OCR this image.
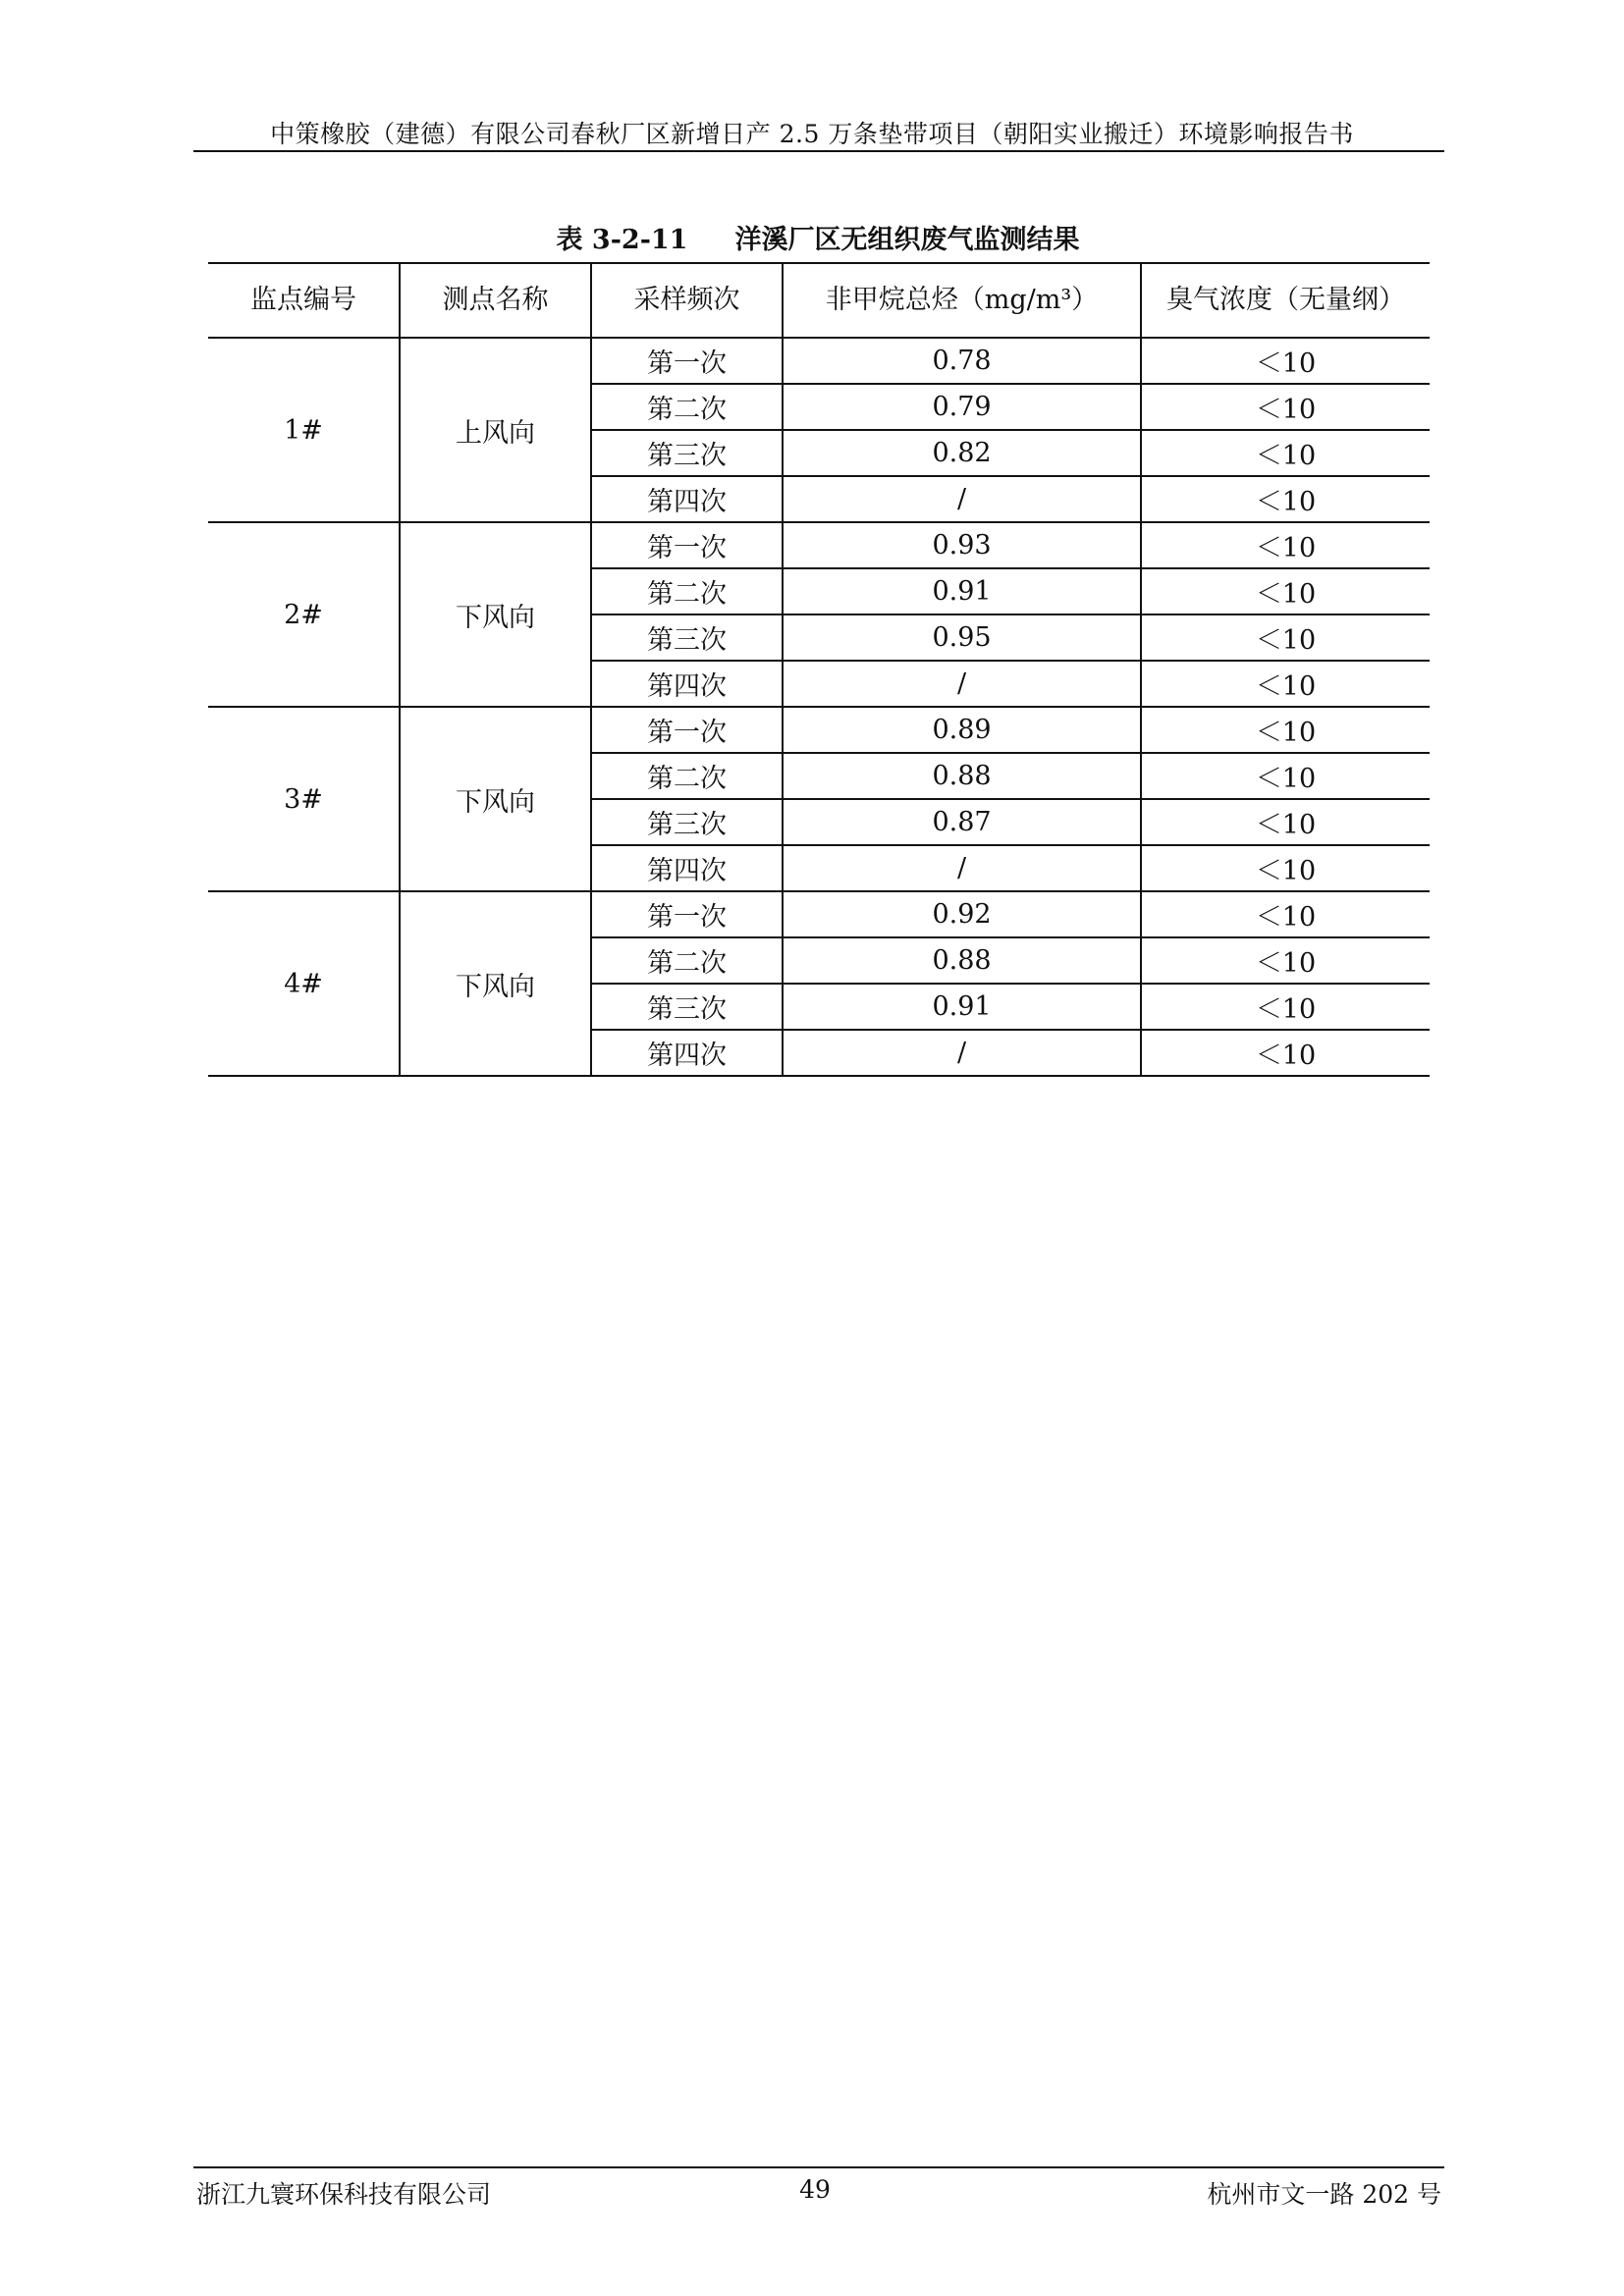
中策橡胶（建德）有限公司春秋厂区新增日产 2.5 万条垫带项目（朝阳实业搬迁）环境影响报告书
表 3-2-11 洋溪厂区无组织废气监测结果
监点编号	测点名称	采样频次	非甲烷总烃（mg/m³）	臭气浓度（无量纲）
1#	上风向	第一次	0.78	＜10
		第二次	0.79	＜10
		第三次	0.82	＜10
		第四次	/	＜10
2#	下风向	第一次	0.93	＜10
		第二次	0.91	＜10
		第三次	0.95	＜10
		第四次	/	＜10
3#	下风向	第一次	0.89	＜10
		第二次	0.88	＜10
		第三次	0.87	＜10
		第四次	/	＜10
4#	下风向	第一次	0.92	＜10
		第二次	0.88	＜10
		第三次	0.91	＜10
		第四次	/	＜10
浙江九寰环保科技有限公司	49	杭州市文一路 202 号
